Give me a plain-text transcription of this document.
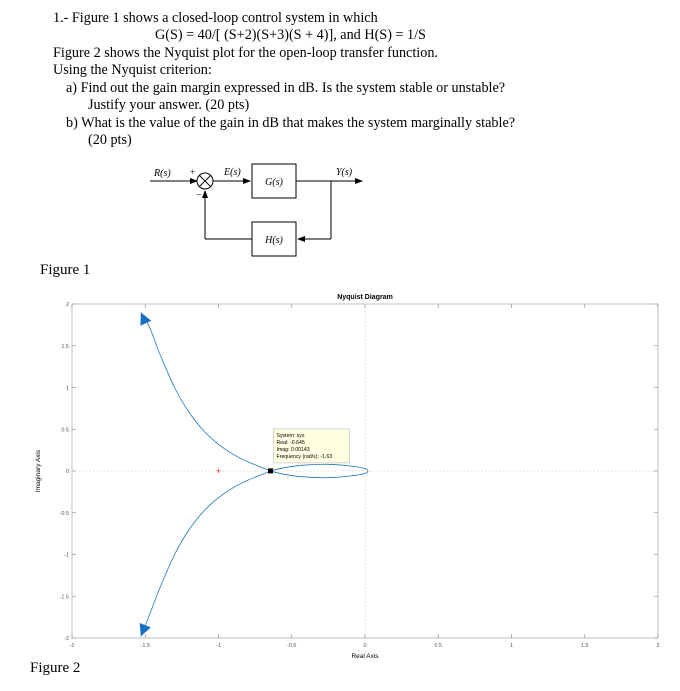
1.- Figure 1 shows a closed-loop control system in which
G(S) = 40/[ (S+2)(S+3)(S + 4)], and H(S) = 1/S
Figure 2 shows the Nyquist plot for the open-loop transfer function.
Using the Nyquist criterion:
a) Find out the gain margin expressed in dB. Is the system stable or unstable?
Justify your answer. (20 pts)
b) What is the value of the gain in dB that makes the system marginally stable?
(20 pts)
R(s) +
−
E(s)
G(s)
Y(s)
H(s)
Figure 1
-2	-1.5	-1	-0.5	0	0.5	1	1.5	2
2
1.5
1
0.5
0
-0.5
-1
-1.5
-2
+
System: sys
Real: -0.645
Imag: 0.00143
Frequency (rad/s): -1.63
Nyquist Diagram
Real Axis
Imaginary Axis
Figure 2
